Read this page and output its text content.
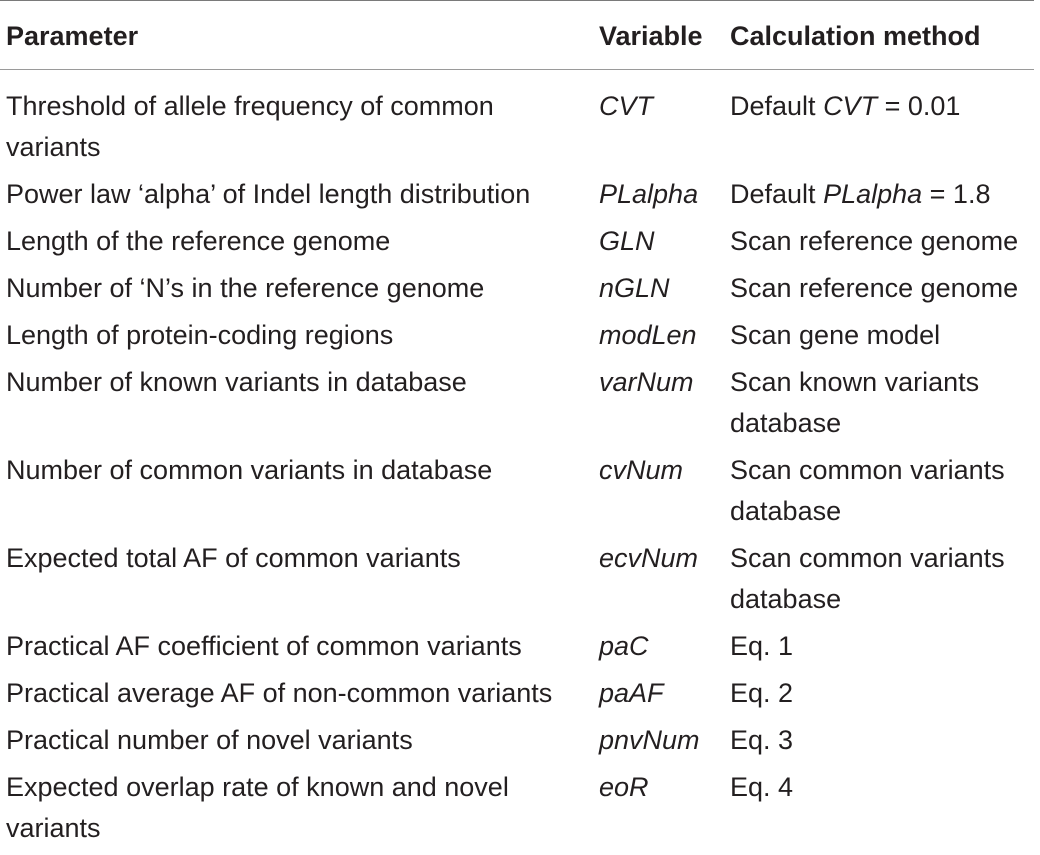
Parameter	Variable	Calculation method
Threshold of allele frequency of common variants	CVT	Default CVT = 0.01
Power law ‘alpha’ of Indel length distribution	PLalpha	Default PLalpha = 1.8
Length of the reference genome	GLN	Scan reference genome
Number of ‘N’s in the reference genome	nGLN	Scan reference genome
Length of protein-coding regions	modLen	Scan gene model
Number of known variants in database	varNum	Scan known variants database
Number of common variants in database	cvNum	Scan common variants database
Expected total AF of common variants	ecvNum	Scan common variants database
Practical AF coefficient of common variants	paC	Eq. 1
Practical average AF of non-common variants	paAF	Eq. 2
Practical number of novel variants	pnvNum	Eq. 3
Expected overlap rate of known and novel variants	eoR	Eq. 4
